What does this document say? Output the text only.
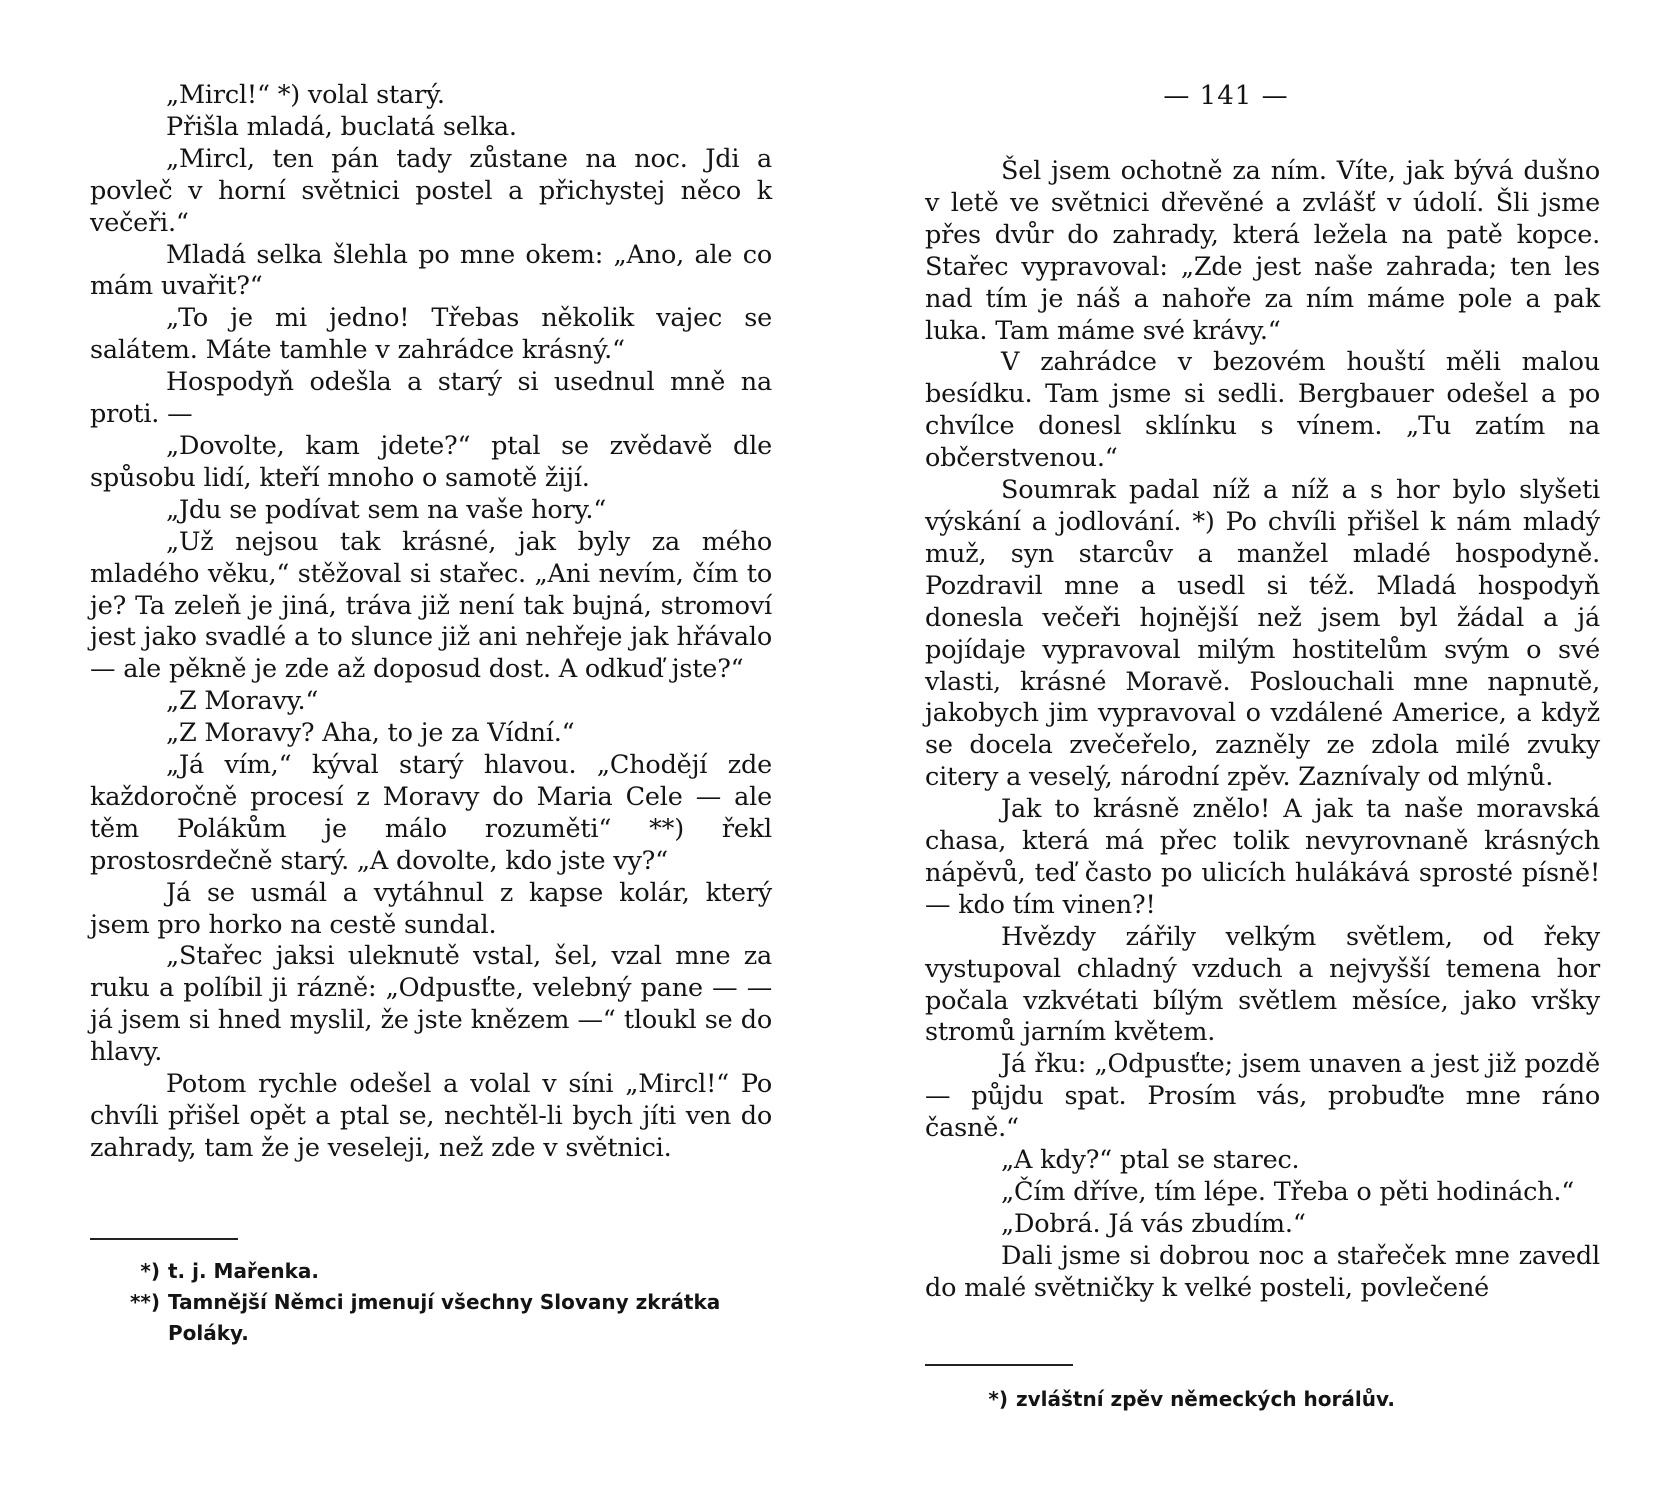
„Mircl!“ *) volal starý.

Přišla mladá, buclatá selka.

„Mircl, ten pán tady zůstane na noc. Jdi a povleč v horní světnici postel a přichystej něco k večeři.“

Mladá selka šlehla po mne okem: „Ano, ale co mám uvařit?“

„To je mi jedno! Třebas několik vajec se salátem. Máte tamhle v zahrádce krásný.“

Hospodyň odešla a starý si usednul mně na proti. —

„Dovolte, kam jdete?“ ptal se zvědavě dle spůsobu lidí, kteří mnoho o samotě žijí.

„Jdu se podívat sem na vaše hory.“

„Už nejsou tak krásné, jak byly za mého mladého věku,“ stěžoval si stařec. „Ani nevím, čím to je? Ta zeleň je jiná, tráva již není tak bujná, stromoví jest jako svadlé a to slunce již ani nehřeje jak hřávalo — ale pěkně je zde až doposud dost. A odkuď jste?“

„Z Moravy.“

„Z Moravy? Aha, to je za Vídní.“

„Já vím,“ kýval starý hlavou. „Chodějí zde každoročně procesí z Moravy do Maria Cele — ale těm Polákům je málo rozuměti“ **) řekl prostosrdečně starý. „A dovolte, kdo jste vy?“

Já se usmál a vytáhnul z kapse kolár, který jsem pro horko na cestě sundal.

„Stařec jaksi uleknutě vstal, šel, vzal mne za ruku a políbil ji rázně: „Odpusťte, velebný pane — — já jsem si hned myslil, že jste knězem —“ tloukl se do hlavy.

Potom rychle odešel a volal v síni „Mircl!“ Po chvíli přišel opět a ptal se, nechtěl-li bych jíti ven do zahrady, tam že je veseleji, než zde v světnici.

*) t. j. Mařenka.

**) Tamnější Němci jmenují všechny Slovany zkrátka Poláky.

— 141 —

Šel jsem ochotně za ním. Víte, jak bývá dušno v letě ve světnici dřevěné a zvlášť v údolí. Šli jsme přes dvůr do zahrady, která ležela na patě kopce. Stařec vypravoval: „Zde jest naše zahrada; ten les nad tím je náš a nahoře za ním máme pole a pak luka. Tam máme své krávy.“

V zahrádce v bezovém houští měli malou besídku. Tam jsme si sedli. Bergbauer odešel a po chvílce donesl sklínku s vínem. „Tu zatím na občerstvenou.“

Soumrak padal níž a níž a s hor bylo slyšeti výskání a jodlování. *) Po chvíli přišel k nám mladý muž, syn starcův a manžel mladé hospodyně. Pozdravil mne a usedl si též. Mladá hospodyň donesla večeři hojnější než jsem byl žádal a já pojídaje vypravoval milým hostitelům svým o své vlasti, krásné Moravě. Poslouchali mne napnutě, jakobych jim vypravoval o vzdálené Americe, a když se docela zvečeřelo, zazněly ze zdola milé zvuky citery a veselý, národní zpěv. Zaznívaly od mlýnů.

Jak to krásně znělo! A jak ta naše moravská chasa, která má přec tolik nevyrovnaně krásných nápěvů, teď často po ulicích hulákává sprosté písně! — kdo tím vinen?!

Hvězdy zářily velkým světlem, od řeky vystupoval chladný vzduch a nejvyšší temena hor počala vzkvétati bílým světlem měsíce, jako vršky stromů jarním květem.

Já řku: „Odpusťte; jsem unaven a jest již pozdě — půjdu spat. Prosím vás, probuďte mne ráno časně.“

„A kdy?“ ptal se starec.

„Čím dříve, tím lépe. Třeba o pěti hodinách.“

„Dobrá. Já vás zbudím.“

Dali jsme si dobrou noc a stařeček mne zavedl do malé světničky k velké posteli, povlečené

*) zvláštní zpěv německých horálův.
